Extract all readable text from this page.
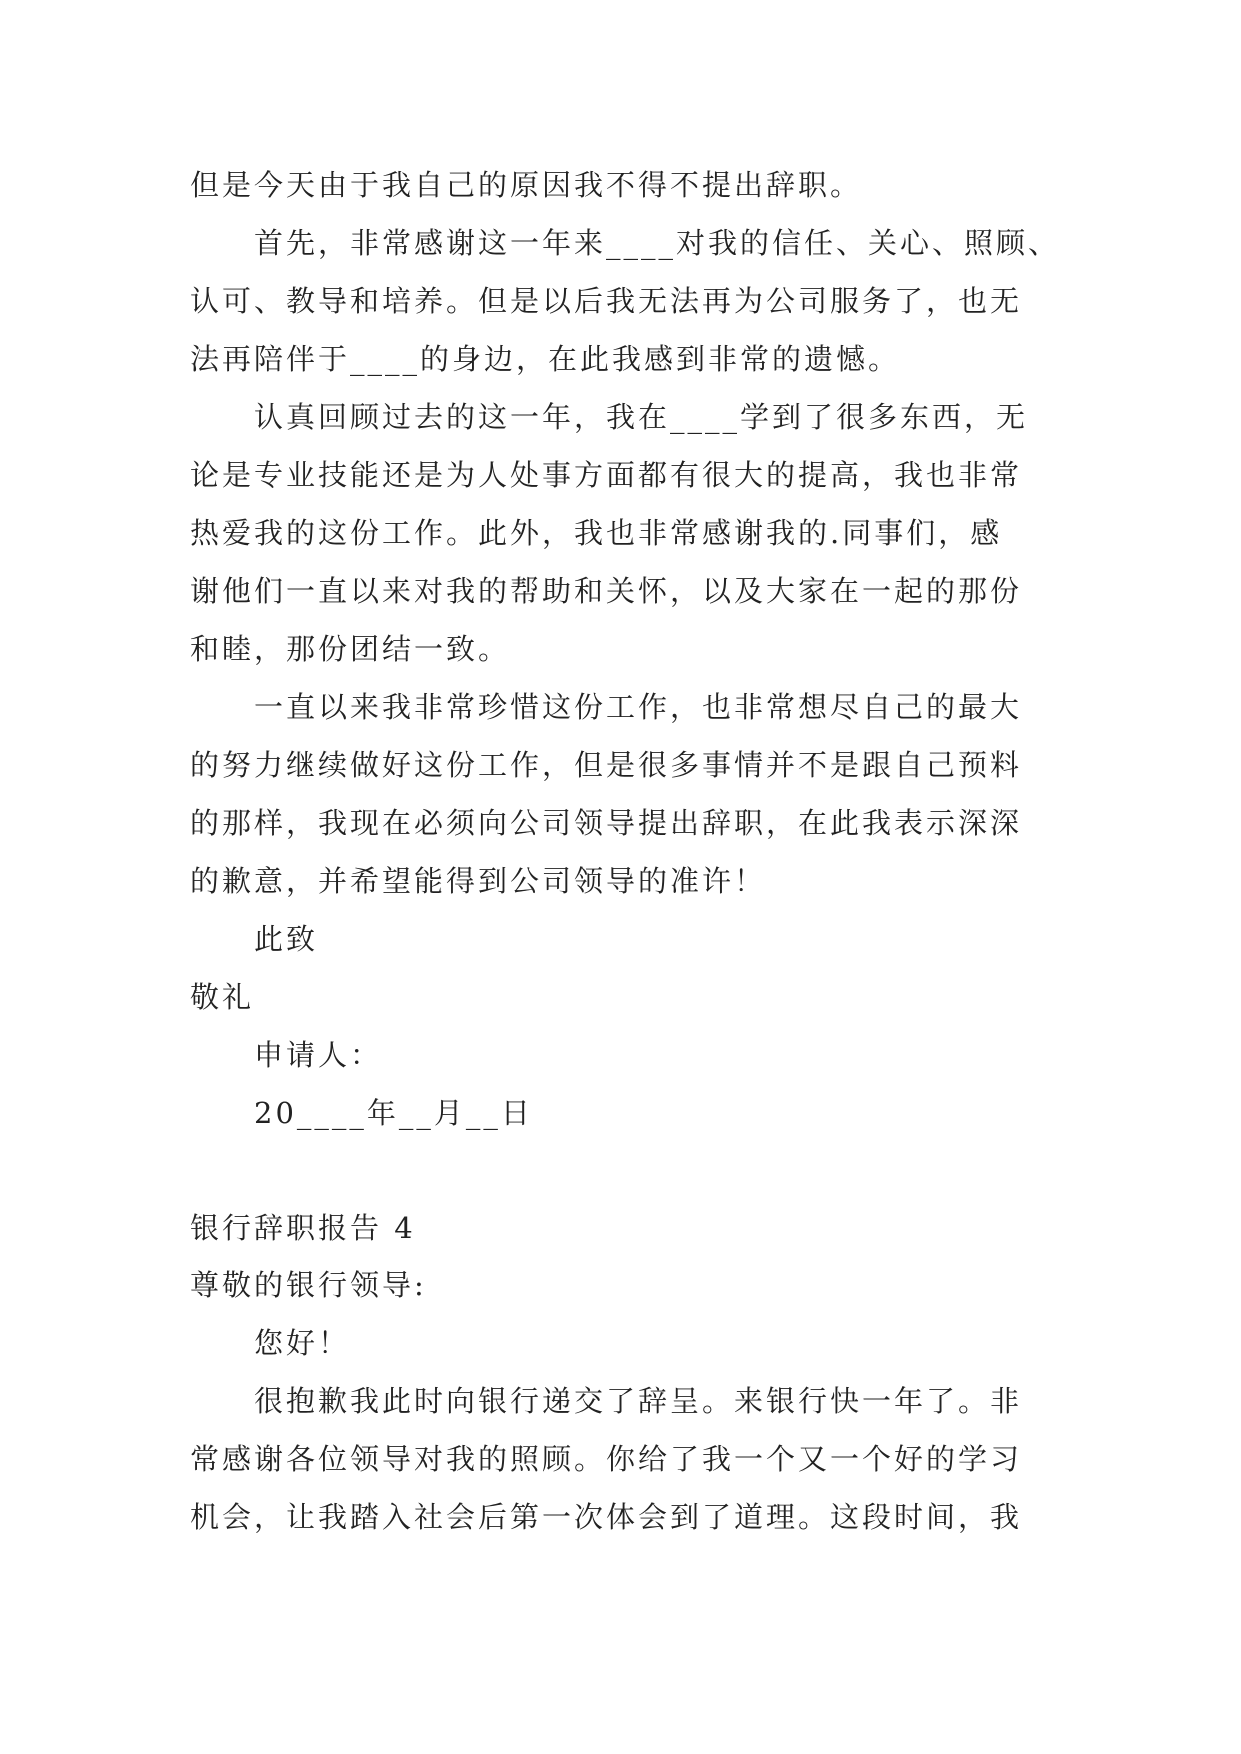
但是今天由于我自己的原因我不得不提出辞职。
首先，非常感谢这一年来____对我的信任、关心、照顾、
认可、教导和培养。但是以后我无法再为公司服务了，也无
法再陪伴于____的身边，在此我感到非常的遗憾。
认真回顾过去的这一年，我在____学到了很多东西，无
论是专业技能还是为人处事方面都有很大的提高，我也非常
热爱我的这份工作。此外，我也非常感谢我的.同事们，感
谢他们一直以来对我的帮助和关怀，以及大家在一起的那份
和睦，那份团结一致。
一直以来我非常珍惜这份工作，也非常想尽自己的最大
的努力继续做好这份工作，但是很多事情并不是跟自己预料
的那样，我现在必须向公司领导提出辞职，在此我表示深深
的歉意，并希望能得到公司领导的准许！
此致
敬礼
申请人：
20____年__月__日
银行辞职报告 4
尊敬的银行领导:
您好！
很抱歉我此时向银行递交了辞呈。来银行快一年了。非
常感谢各位领导对我的照顾。你给了我一个又一个好的学习
机会，让我踏入社会后第一次体会到了道理。这段时间，我
